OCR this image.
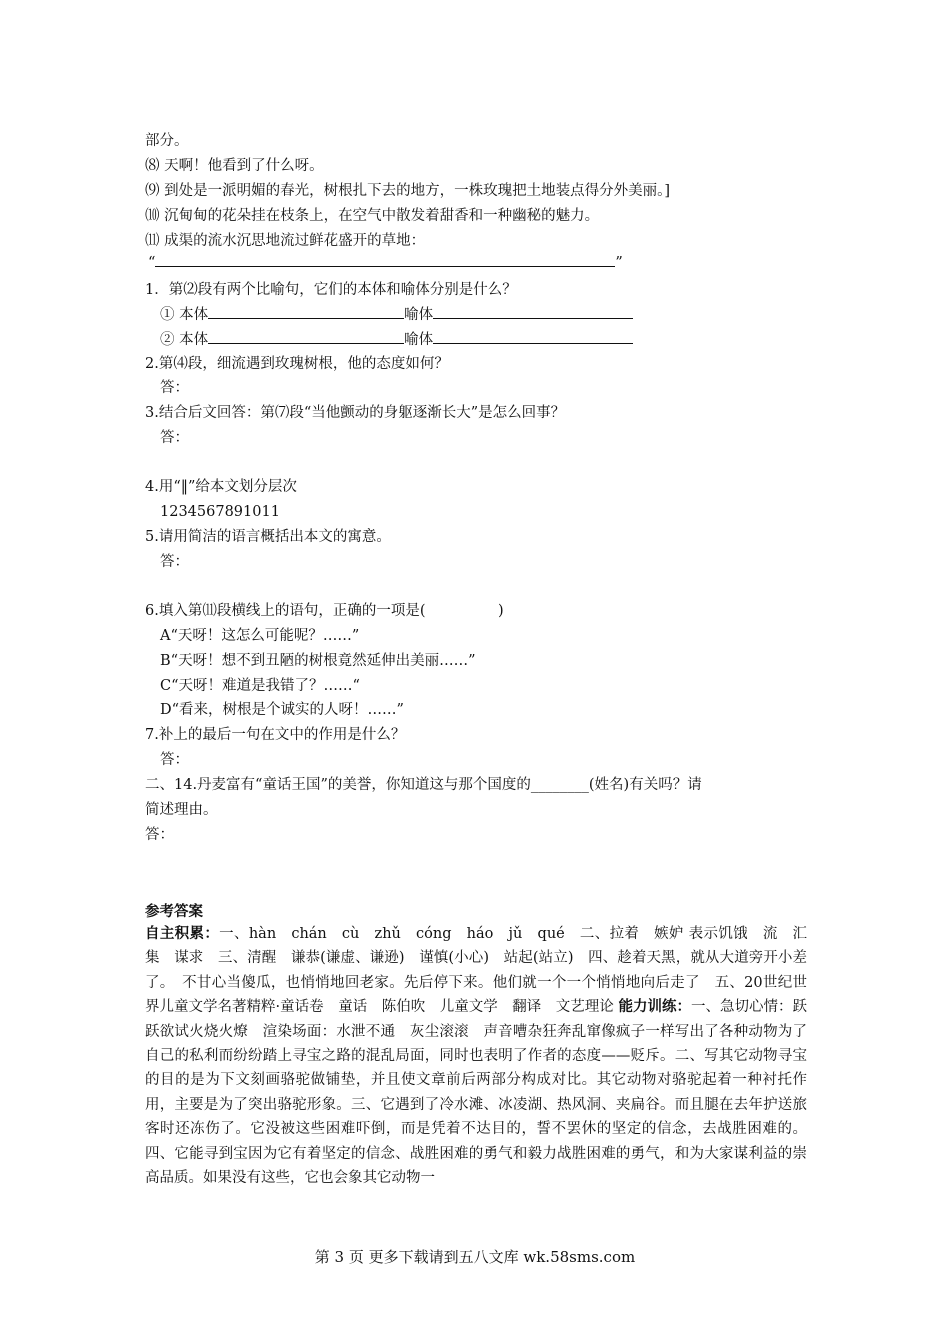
部分。
⑻ 天啊！他看到了什么呀。
⑼ 到处是一派明媚的春光，树根扎下去的地方，一株玫瑰把土地装点得分外美丽。]
⑽ 沉甸甸的花朵挂在枝条上，在空气中散发着甜香和一种幽秘的魅力。
⑾ 成渠的流水沉思地流过鲜花盛开的草地：
“	”
1．第⑵段有两个比喻句，它们的本体和喻体分别是什么？
① 本体	喻体
② 本体	喻体
2.第⑷段，细流遇到玫瑰树根，他的态度如何？
答：
3.结合后文回答：第⑺段“当他颤动的身躯逐渐长大”是怎么回事？
答：
4.用“‖”给本文划分层次
1234567891011
5.请用简洁的语言概括出本文的寓意。
答：
6.填入第⑾段横线上的语句，正确的一项是(　　　　　)
A“天呀！这怎么可能呢？……”
B“天呀！想不到丑陋的树根竟然延伸出美丽……”
C“天呀！难道是我错了？……“
D“看来，树根是个诚实的人呀！……”
7.补上的最后一句在文中的作用是什么？
答：
二、14.丹麦富有“童话王国”的美誉，你知道这与那个国度的________(姓名)有关吗？请
简述理由。
答：
参考答案
自主积累：一、hàn　chán　cù　zhǔ　cóng　háo　jǔ　qué　二、拉着　嫉妒 表示饥饿　流　汇集　谋求　三、清醒　谦恭(谦虚、谦逊)　谨慎(小心)　站起(站立)　四、趁着天黑，就从大道旁开小差了。　不甘心当傻瓜，也悄悄地回老家。先后停下来。他们就一个一个悄悄地向后走了　五、20世纪世界儿童文学名著精粹·童话卷　童话　陈伯吹　儿童文学　翻译　文艺理论 能力训练：一、急切心情：跃跃欲试火烧火燎　渲染场面：水泄不通　灰尘滚滚　声音嘈杂狂奔乱窜像疯子一样写出了各种动物为了自己的私利而纷纷踏上寻宝之路的混乱局面，同时也表明了作者的态度——贬斥。二、写其它动物寻宝的目的是为下文刻画骆驼做铺垫，并且使文章前后两部分构成对比。其它动物对骆驼起着一种衬托作用，主要是为了突出骆驼形象。三、它遇到了冷水滩、冰凌湖、热风洞、夹扁谷。而且腿在去年护送旅客时还冻伤了。它没被这些困难吓倒，而是凭着不达目的，誓不罢休的坚定的信念，去战胜困难的。四、它能寻到宝因为它有着坚定的信念、战胜困难的勇气和毅力战胜困难的勇气，和为大家谋利益的崇高品质。如果没有这些，它也会象其它动物一
第 3 页 更多下载请到五八文库 wk.58sms.com
